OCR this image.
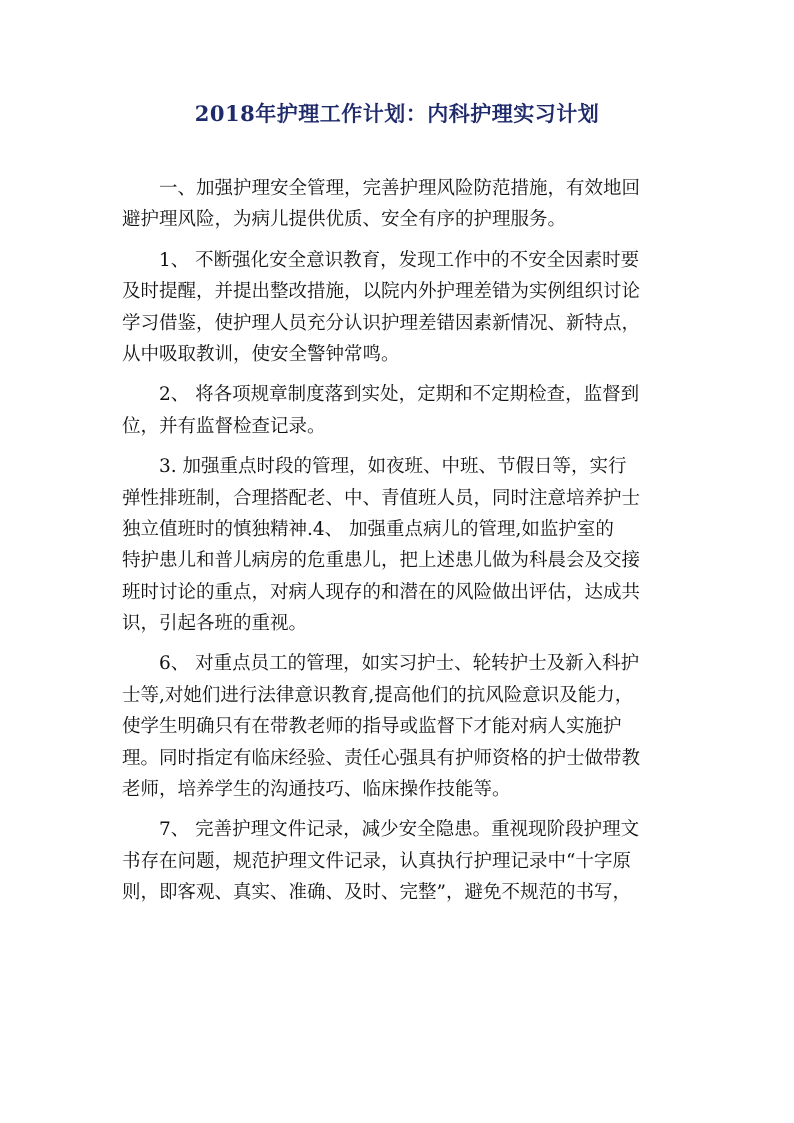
2018年护理工作计划：内科护理实习计划
一、加强护理安全管理，完善护理风险防范措施，有效地回
避护理风险，为病儿提供优质、安全有序的护理服务。
1、 不断强化安全意识教育，发现工作中的不安全因素时要
及时提醒，并提出整改措施，以院内外护理差错为实例组织讨论
学习借鉴，使护理人员充分认识护理差错因素新情况、新特点，
从中吸取教训，使安全警钟常鸣。
2、 将各项规章制度落到实处，定期和不定期检查，监督到
位，并有监督检查记录。
3. 加强重点时段的管理，如夜班、中班、节假日等，实行
弹性排班制，合理搭配老、中、青值班人员，同时注意培养护士
独立值班时的慎独精神.4、 加强重点病儿的管理,如监护室的
特护患儿和普儿病房的危重患儿，把上述患儿做为科晨会及交接
班时讨论的重点，对病人现存的和潜在的风险做出评估，达成共
识，引起各班的重视。
6、 对重点员工的管理，如实习护士、轮转护士及新入科护
士等,对她们进行法律意识教育,提高他们的抗风险意识及能力，
使学生明确只有在带教老师的指导或监督下才能对病人实施护
理。同时指定有临床经验、责任心强具有护师资格的护士做带教
老师，培养学生的沟通技巧、临床操作技能等。
7、 完善护理文件记录，减少安全隐患。重视现阶段护理文
书存在问题，规范护理文件记录，认真执行护理记录中“十字原
则，即客观、真实、准确、及时、完整”，避免不规范的书写，
